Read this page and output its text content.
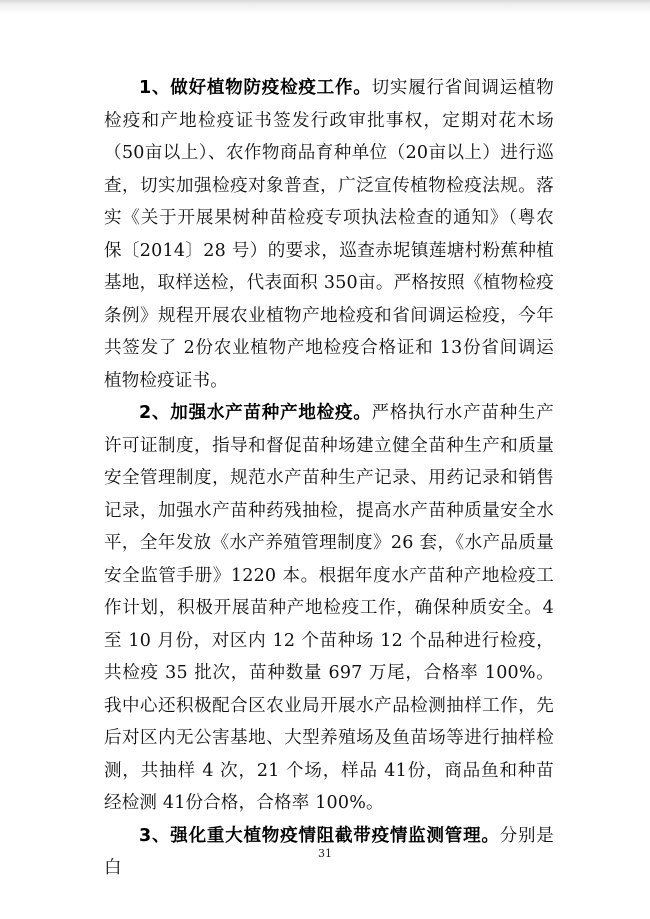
1、做好植物防疫检疫工作。切实履行省间调运植物检疫和产地检疫证书签发行政审批事权，定期对花木场（50亩以上）、农作物商品育种单位（20亩以上）进行巡查，切实加强检疫对象普查，广泛宣传植物检疫法规。落实《关于开展果树种苗检疫专项执法检查的通知》（粤农保〔2014〕28 号）的要求，巡查赤坭镇莲塘村粉蕉种植基地，取样送检，代表面积 350亩。严格按照《植物检疫条例》规程开展农业植物产地检疫和省间调运检疫，今年共签发了 2份农业植物产地检疫合格证和 13份省间调运植物检疫证书。

2、加强水产苗种产地检疫。严格执行水产苗种生产许可证制度，指导和督促苗种场建立健全苗种生产和质量安全管理制度，规范水产苗种生产记录、用药记录和销售记录，加强水产苗种药残抽检，提高水产苗种质量安全水平，全年发放《水产养殖管理制度》26 套，《水产品质量安全监管手册》1220 本。根据年度水产苗种产地检疫工作计划，积极开展苗种产地检疫工作，确保种质安全。4 至 10 月份，对区内 12 个苗种场 12 个品种进行检疫，共检疫 35 批次，苗种数量 697 万尾，合格率 100%。我中心还积极配合区农业局开展水产品检测抽样工作，先后对区内无公害基地、大型养殖场及鱼苗场等进行抽样检测，共抽样 4 次，21 个场，样品 41份，商品鱼和种苗经检测 41份合格，合格率 100%。

3、强化重大植物疫情阻截带疫情监测管理。分别是白

31
